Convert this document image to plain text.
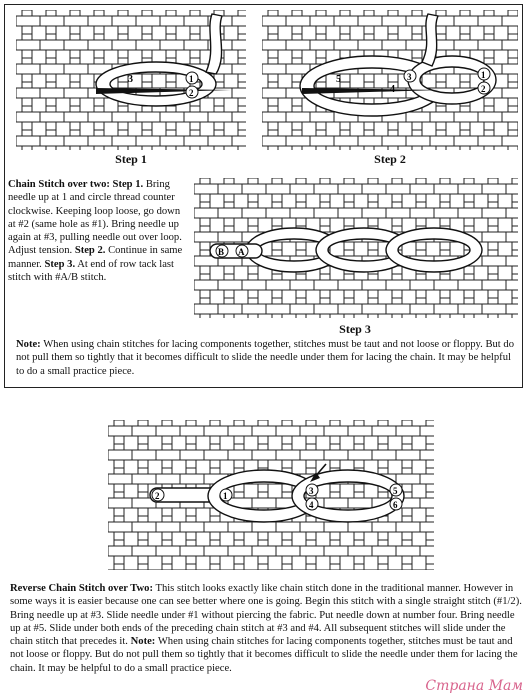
3	1
2
Step 1
5
4
3	1
2
Step 2
Chain Stitch over two: Step 1. Bring needle up at 1 and circle thread counter clockwise. Keeping loop loose, go down at #2 (same hole as #1). Bring needle up again at #3, pulling needle out over loop. Adjust tension. Step 2. Continue in same manner. Step 3. At end of row tack last stitch with #A/B stitch.
B A
Step 3
Note: When using chain stitches for lacing components together, stitches must be taut and not loose or floppy. But do not pull them so tightly that it becomes difficult to slide the needle under them for lacing the chain. It may be helpful to do a small practice piece.
2	1	3
4
5
6
Reverse Chain Stitch over Two: This stitch looks exactly like chain stitch done in the traditional manner. However in some ways it is easier because one can see better where one is going. Begin this stitch with a single straight stitch (#1/2). Bring needle up at #3. Slide needle under #1 without piercing the fabric. Put needle down at number four. Bring needle up at #5. Slide under both ends of the preceding chain stitch at #3 and #4. All subsequent stitches will slide under the chain stitch that precedes it. Note: When using chain stitches for lacing components together, stitches must be taut and not loose or floppy. But do not pull them so tightly that it becomes difficult to slide the needle under them for lacing the chain. It may be helpful to do a small practice piece.
Страна Мам
